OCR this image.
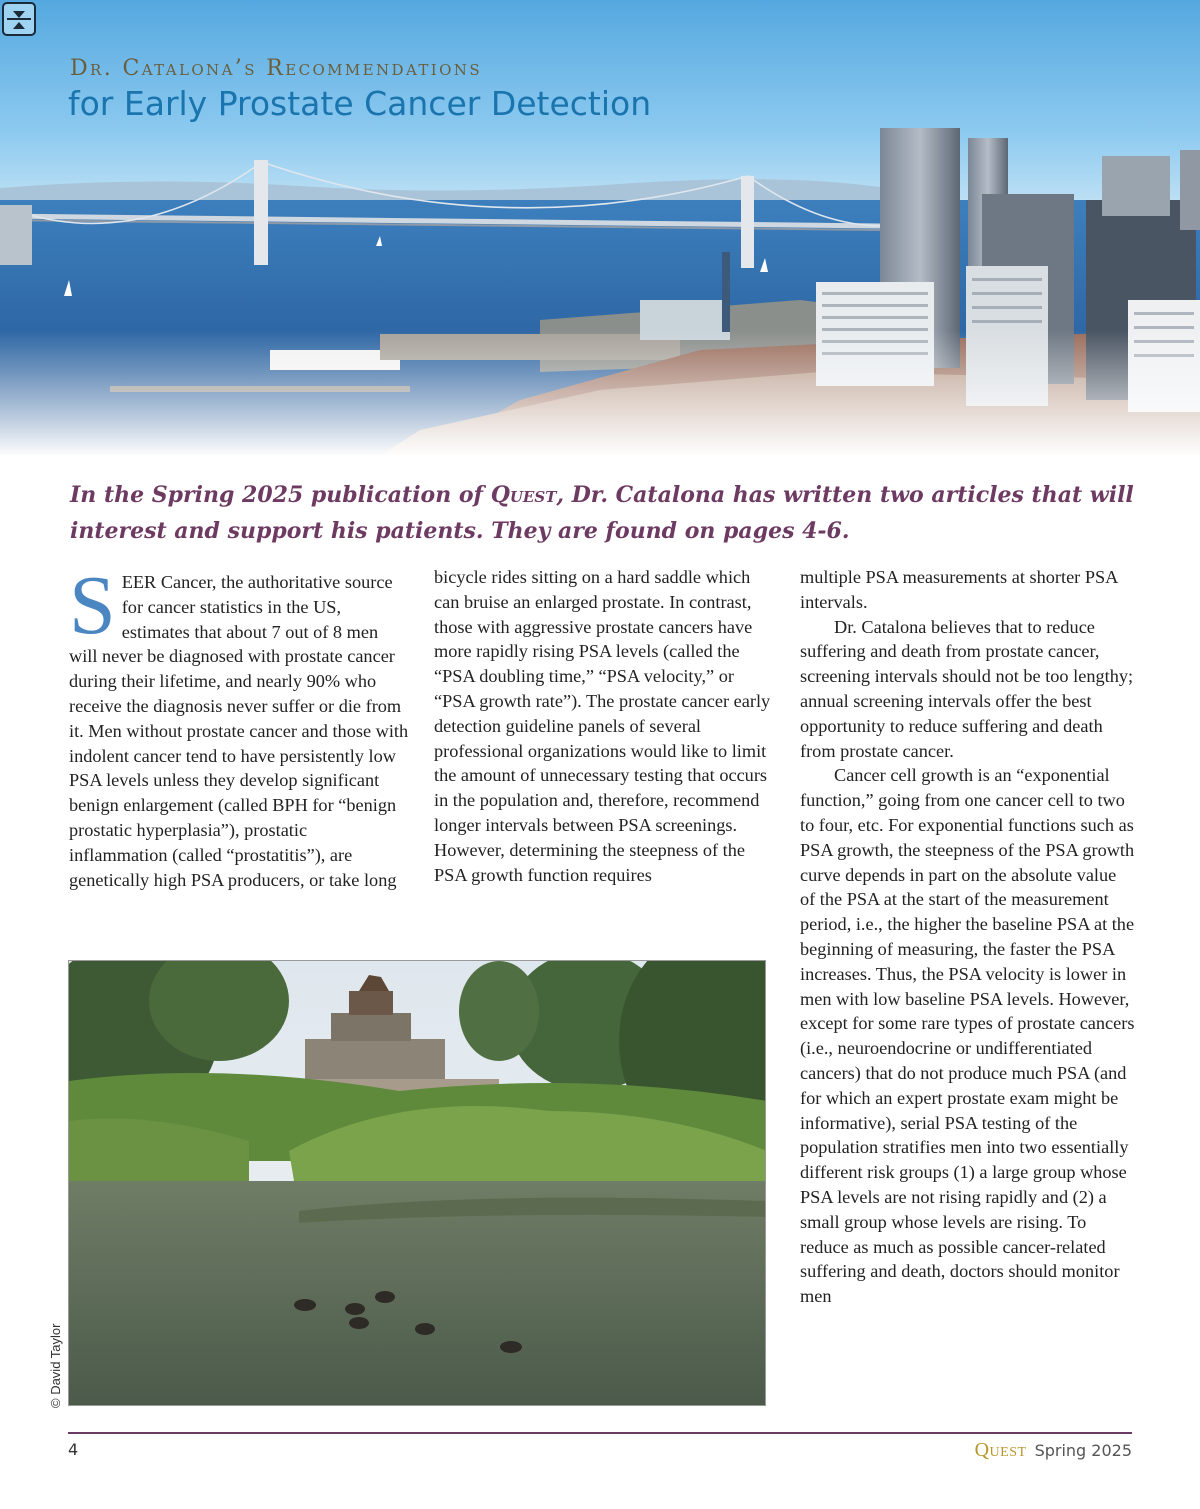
Dr. Catalona’s Recommendations
for Early Prostate Cancer Detection

In the Spring 2025 publication of Quest, Dr. Catalona has written two articles that will interest and support his patients. They are found on pages 4-6.

S EER Cancer, the authoritative source for cancer statistics in the US, estimates that about 7 out of 8 men will never be diagnosed with prostate cancer during their lifetime, and nearly 90% who receive the diagnosis never suffer or die from it. Men without prostate cancer and those with indolent cancer tend to have persistently low PSA levels unless they develop significant benign enlargement (called BPH for “benign prostatic hyperplasia”), prostatic inflammation (called “prostatitis”), are genetically high PSA producers, or take long

bicycle rides sitting on a hard saddle which can bruise an enlarged prostate. In contrast, those with aggressive prostate cancers have more rapidly rising PSA levels (called the “PSA doubling time,” “PSA velocity,” or “PSA growth rate”). The prostate cancer early detection guideline panels of several professional organizations would like to limit the amount of unnecessary testing that occurs in the population and, therefore, recommend longer intervals between PSA screenings. However, determining the steepness of the PSA growth function requires

multiple PSA measurements at shorter PSA intervals.

Dr. Catalona believes that to reduce suffering and death from prostate cancer, screening intervals should not be too lengthy; annual screening intervals offer the best opportunity to reduce suffering and death from prostate cancer.

Cancer cell growth is an “exponential function,” going from one cancer cell to two to four, etc. For exponential functions such as PSA growth, the steepness of the PSA growth curve depends in part on the absolute value of the PSA at the start of the measurement period, i.e., the higher the baseline PSA at the beginning of measuring, the faster the PSA increases. Thus, the PSA velocity is lower in men with low baseline PSA levels. However, except for some rare types of prostate cancers (i.e., neuroendocrine or undifferentiated cancers) that do not produce much PSA (and for which an expert prostate exam might be informative), serial PSA testing of the population stratifies men into two essentially different risk groups (1) a large group whose PSA levels are not rising rapidly and (2) a small group whose levels are rising. To reduce as much as possible cancer-related suffering and death, doctors should monitor men

© David Taylor
4	Quest Spring 2025
